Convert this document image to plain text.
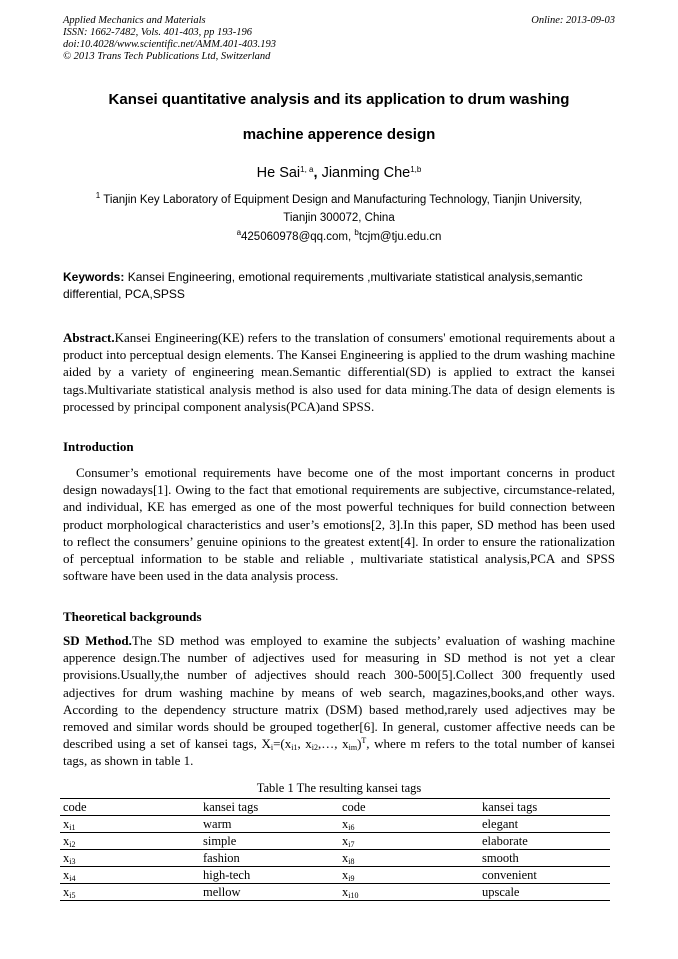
Applied Mechanics and Materials
ISSN: 1662-7482, Vols. 401-403, pp 193-196
doi:10.4028/www.scientific.net/AMM.401-403.193
© 2013 Trans Tech Publications Ltd, Switzerland
Online: 2013-09-03
Kansei quantitative analysis and its application to drum washing
machine apperence design
He Sai$^{1, a}$, Jianming Che$^{1,b}$
$^1$ Tianjin Key Laboratory of Equipment Design and Manufacturing Technology, Tianjin University,
Tianjin 300072, China
$^a$425060978@qq.com, $^b$tcjm@tju.edu.cn
Keywords: Kansei Engineering, emotional requirements ,multivariate statistical analysis,semantic differential, PCA,SPSS
Abstract.Kansei Engineering(KE) refers to the translation of consumers' emotional requirements about a product into perceptual design elements. The Kansei Engineering is applied to the drum washing machine aided by a variety of engineering mean.Semantic differential(SD) is applied to extract the kansei tags.Multivariate statistical analysis method is also used for data mining.The data of design elements is processed by principal component analysis(PCA)and SPSS.
Introduction
Consumer’s emotional requirements have become one of the most important concerns in product design nowadays[1]. Owing to the fact that emotional requirements are subjective, circumstance-related, and individual, KE has emerged as one of the most powerful techniques for build connection between product morphological characteristics and user’s emotions[2, 3].In this paper, SD method has been used to reflect the consumers’ genuine opinions to the greatest extent[4]. In order to ensure the rationalization of perceptual information to be stable and reliable , multivariate statistical analysis,PCA and SPSS software have been used in the data analysis process.
Theoretical backgrounds
SD Method.The SD method was employed to examine the subjects’ evaluation of washing machine apperence design.The number of adjectives used for measuring in SD method is not yet a clear provisions.Usually,the number of adjectives should reach 300-500[5].Collect 300 frequently used adjectives for drum washing machine by means of web search, magazines,books,and other ways. According to the dependency structure matrix (DSM) based method,rarely used adjectives may be removed and similar words should be grouped together[6]. In general, customer affective needs can be described using a set of kansei tags, $X_i=(x_{i1}$, $x_{i2},\dots$, $x_{im})^T$, where m refers to the total number of kansei tags, as shown in table 1.
Table 1 The resulting kansei tags
code	kansei tags	code	kansei tags
$x_{i1}$	warm	$x_{i6}$	elegant
$x_{i2}$	simple	$x_{i7}$	elaborate
$x_{i3}$	fashion	$x_{i8}$	smooth
$x_{i4}$	high-tech	$x_{i9}$	convenient
$x_{i5}$	mellow	$x_{i10}$	upscale
